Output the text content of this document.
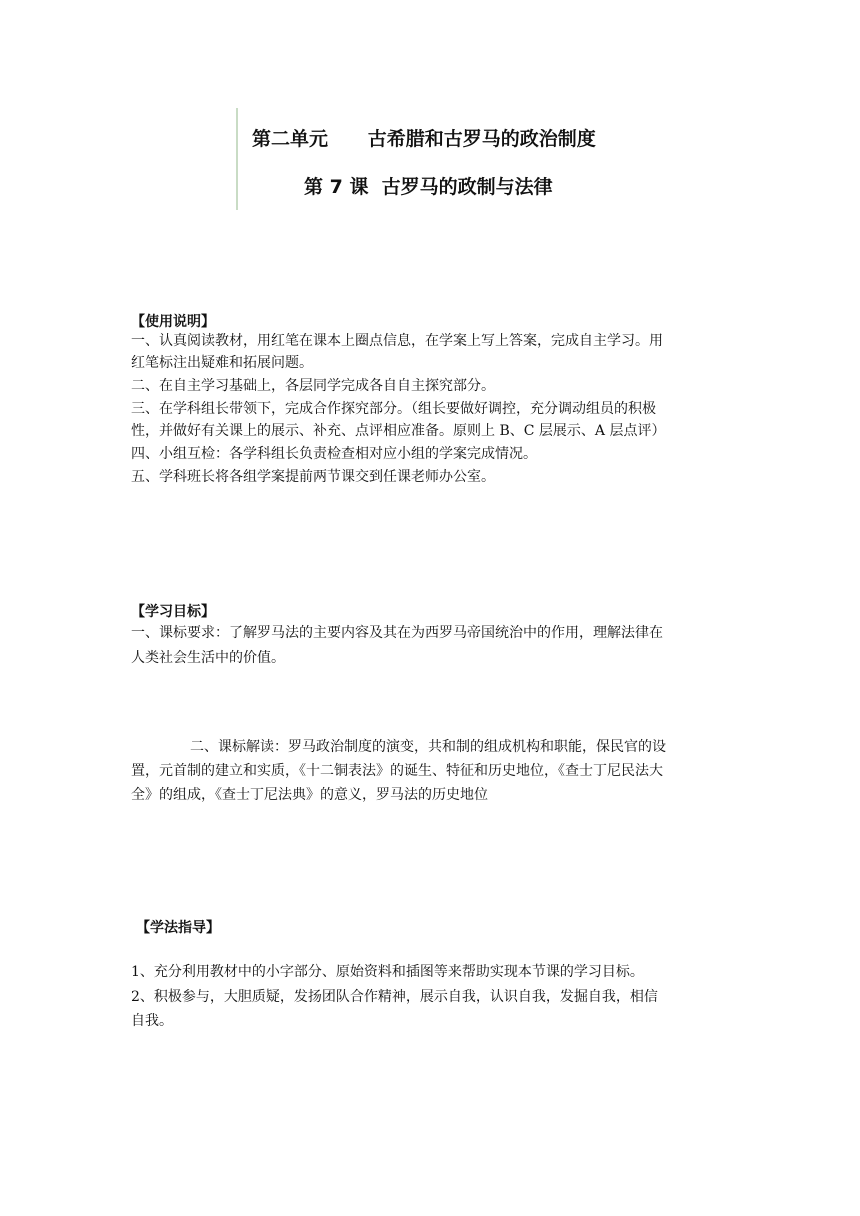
第二单元      古希腊和古罗马的政治制度

第 7 课  古罗马的政制与法律

【使用说明】

一、认真阅读教材，用红笔在课本上圈点信息，在学案上写上答案，完成自主学习。用

红笔标注出疑难和拓展问题。

二、在自主学习基础上，各层同学完成各自自主探究部分。

三、在学科组长带领下，完成合作探究部分。（组长要做好调控，充分调动组员的积极

性，并做好有关课上的展示、补充、点评相应准备。原则上 B、C 层展示、A 层点评）

四、小组互检：各学科组长负责检查相对应小组的学案完成情况。

五、学科班长将各组学案提前两节课交到任课老师办公室。

【学习目标】

一、课标要求：了解罗马法的主要内容及其在为西罗马帝国统治中的作用，理解法律在

人类社会生活中的价值。

二、课标解读：罗马政治制度的演变，共和制的组成机构和职能，保民官的设

置，元首制的建立和实质，《十二铜表法》的诞生、特征和历史地位，《查士丁尼民法大

全》的组成，《查士丁尼法典》的意义，罗马法的历史地位

【学法指导】

1、充分利用教材中的小字部分、原始资料和插图等来帮助实现本节课的学习目标。

2、积极参与，大胆质疑，发扬团队合作精神，展示自我，认识自我，发掘自我，相信

自我。
